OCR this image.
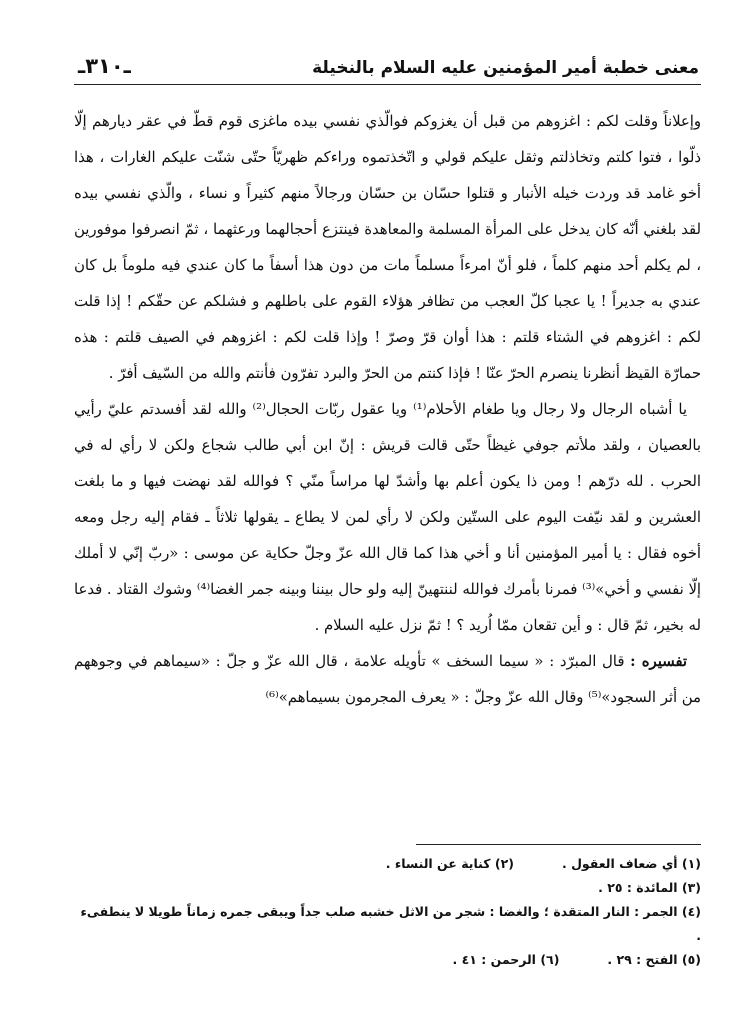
معنى خطبة أمير المؤمنين عليه السلام بالنخيلة
ـ٣١٠ـ

وإعلاناً وقلت لكم : اغزوهم من قبل أن يغزوكم فوالّذي نفسي بيده ماغزى قوم قطّ في عقر ديارهم إلّا ذلّوا ، فتوا كلتم وتخاذلتم وثقل عليكم قولي و اتّخذتموه وراءكم ظهريّاً حتّى شنّت عليكم الغارات ، هذا أخو غامد قد وردت خيله الأنبار و قتلوا حسّان بن حسّان ورجالاً منهم كثيراً و نساء ، والّذي نفسي بيده لقد بلغني أنّه كان يدخل على المرأة المسلمة والمعاهدة فينتزع أحجالهما ورعثهما ، ثمّ انصرفوا موفورين ، لم يكلم أحد منهم كلماً ، فلو أنّ امرءاً مسلماً مات من دون هذا أسفاً ما كان عندي فيه ملوماً بل كان عندي به جديراً ! يا عجبا كلّ العجب من تظافر هؤلاء القوم على باطلهم و فشلكم عن حقّكم ! إذا قلت لكم : اغزوهم في الشتاء قلتم : هذا أوان قرّ وصرّ ! وإذا قلت لكم : اغزوهم في الصيف قلتم : هذه حمارّة القيظ أنظرنا ينصرم الحرّ عنّا ! فإذا كنتم من الحرّ والبرد تفرّون فأنتم والله من السّيف أفرّ .

يا أشباه الرجال ولا رجال ويا طغام الأحلام⁽¹⁾ ويا عقول ربّات الحجال⁽²⁾ والله لقد أفسدتم عليّ رأيي بالعصيان ، ولقد ملأتم جوفي غيظاً حتّى قالت قريش : إنّ ابن أبي طالب شجاع ولكن لا رأي له في الحرب . لله درّهم ! ومن ذا يكون أعلم بها وأشدّ لها مراساً منّي ؟ فوالله لقد نهضت فيها و ما بلغت العشرين و لقد نيّفت اليوم على الستّين ولكن لا رأي لمن لا يطاع ـ يقولها ثلاثاً ـ فقام إليه رجل ومعه أخوه فقال : يا أمير المؤمنين أنا و أخي هذا كما قال الله عزّ وجلّ حكاية عن موسى : «ربّ إنّي لا أملك إلّا نفسي و أخي»⁽³⁾ فمرنا بأمرك فوالله لننتهينّ إليه ولو حال بيننا وبينه جمر الغضا⁽⁴⁾ وشوك القتاد . فدعا له بخير، ثمّ قال : و أين تقعان ممّا اُريد ؟ ! ثمّ نزل عليه السلام .

تفسيره : قال المبرّد : « سيما السخف » تأويله علامة ، قال الله عزّ و جلّ : «سيماهم في وجوههم من أثر السجود»⁽⁵⁾ وقال الله عزّ وجلّ : « يعرف المجرمون بسيماهم»⁽⁶⁾

(١) أي ضعاف العقول .
(٢) كناية عن النساء .
(٣) المائدة : ٢٥ .

(٤) الجمر : النار المتقدة ؛ والغضا : شجر من الاثل خشبه صلب جداً ويبقى جمره زماناً طويلا لا ينطفىء .

(٥) الفتح : ٢٩ .
(٦) الرحمن : ٤١ .
